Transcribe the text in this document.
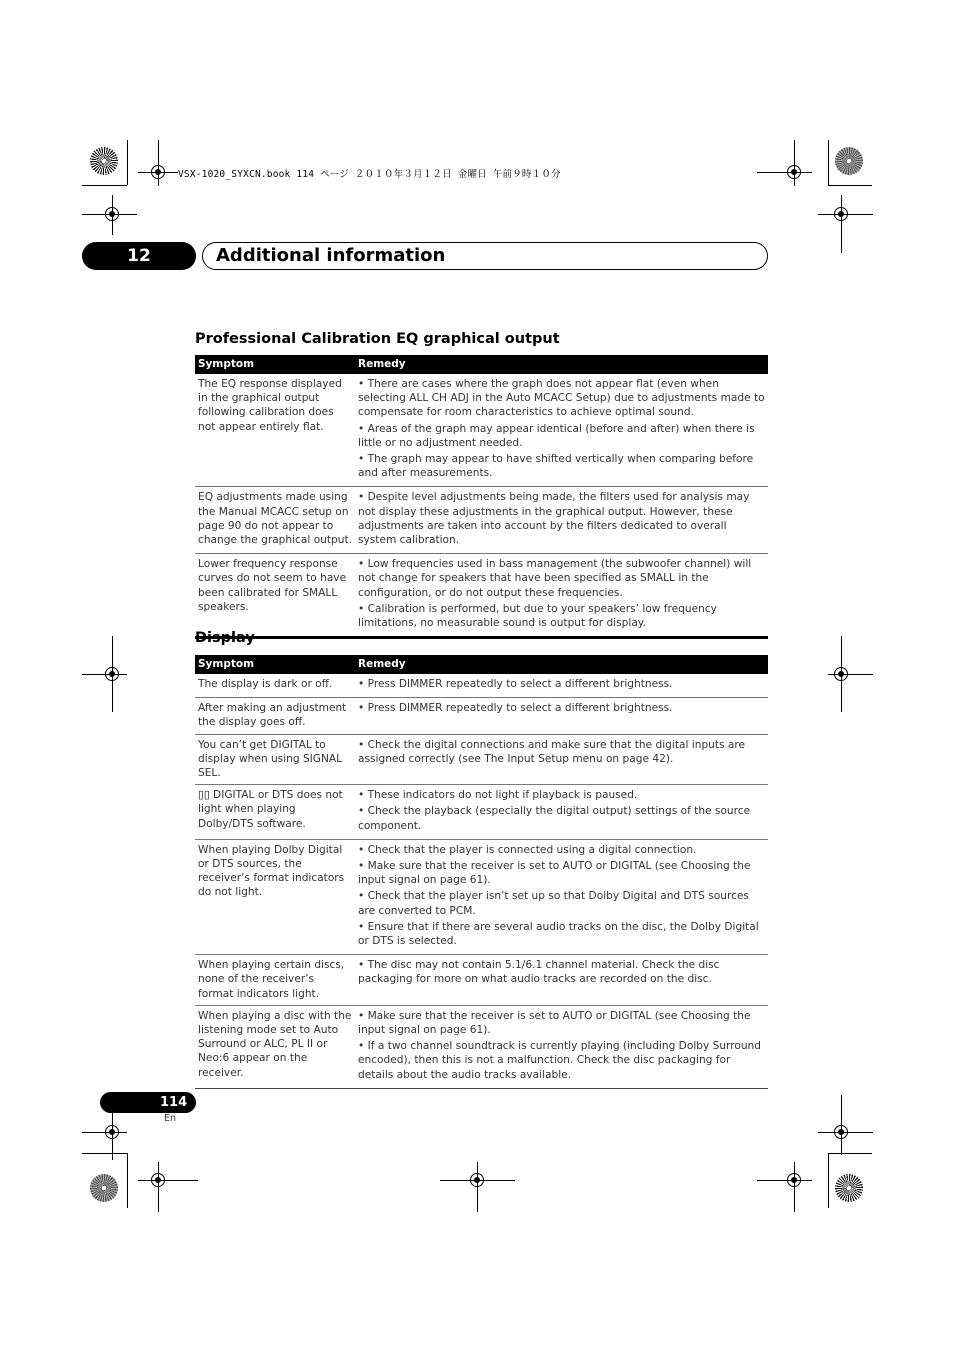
VSX-1020_SYXCN.book 114 ページ ２０１０年３月１２日 金曜日 午前９時１０分
12	Additional information
Professional Calibration EQ graphical output
Symptom	Remedy
The EQ response displayed in the graphical output following calibration does not appear entirely flat.	• There are cases where the graph does not appear flat (even when selecting ALL CH ADJ in the Auto MCACC Setup) due to adjustments made to compensate for room characteristics to achieve optimal sound.
• Areas of the graph may appear identical (before and after) when there is little or no adjustment needed.
• The graph may appear to have shifted vertically when comparing before and after measurements.

EQ adjustments made using the Manual MCACC setup on page 90 do not appear to change the graphical output.	• Despite level adjustments being made, the filters used for analysis may not display these adjustments in the graphical output. However, these adjustments are taken into account by the filters dedicated to overall system calibration.

Lower frequency response curves do not seem to have been calibrated for SMALL speakers.	• Low frequencies used in bass management (the subwoofer channel) will not change for speakers that have been specified as SMALL in the configuration, or do not output these frequencies.
• Calibration is performed, but due to your speakers’ low frequency limitations, no measurable sound is output for display.
Display
Symptom	Remedy
The display is dark or off.	• Press DIMMER repeatedly to select a different brightness.

After making an adjustment the display goes off.	• Press DIMMER repeatedly to select a different brightness.

You can’t get DIGITAL to display when using SIGNAL SEL.	• Check the digital connections and make sure that the digital inputs are assigned correctly (see The Input Setup menu on page 42).

▯▯ DIGITAL or DTS does not light when playing Dolby/DTS software.	• These indicators do not light if playback is paused.
• Check the playback (especially the digital output) settings of the source component.

When playing Dolby Digital or DTS sources, the receiver’s format indicators do not light.	• Check that the player is connected using a digital connection.
• Make sure that the receiver is set to AUTO or DIGITAL (see Choosing the input signal on page 61).
• Check that the player isn’t set up so that Dolby Digital and DTS sources are converted to PCM.
• Ensure that if there are several audio tracks on the disc, the Dolby Digital or DTS is selected.

When playing certain discs, none of the receiver’s format indicators light.	• The disc may not contain 5.1/6.1 channel material. Check the disc packaging for more on what audio tracks are recorded on the disc.

When playing a disc with the listening mode set to Auto Surround or ALC, PL II or Neo:6 appear on the receiver.	• Make sure that the receiver is set to AUTO or DIGITAL (see Choosing the input signal on page 61).
• If a two channel soundtrack is currently playing (including Dolby Surround encoded), then this is not a malfunction. Check the disc packaging for details about the audio tracks available.
114
En
